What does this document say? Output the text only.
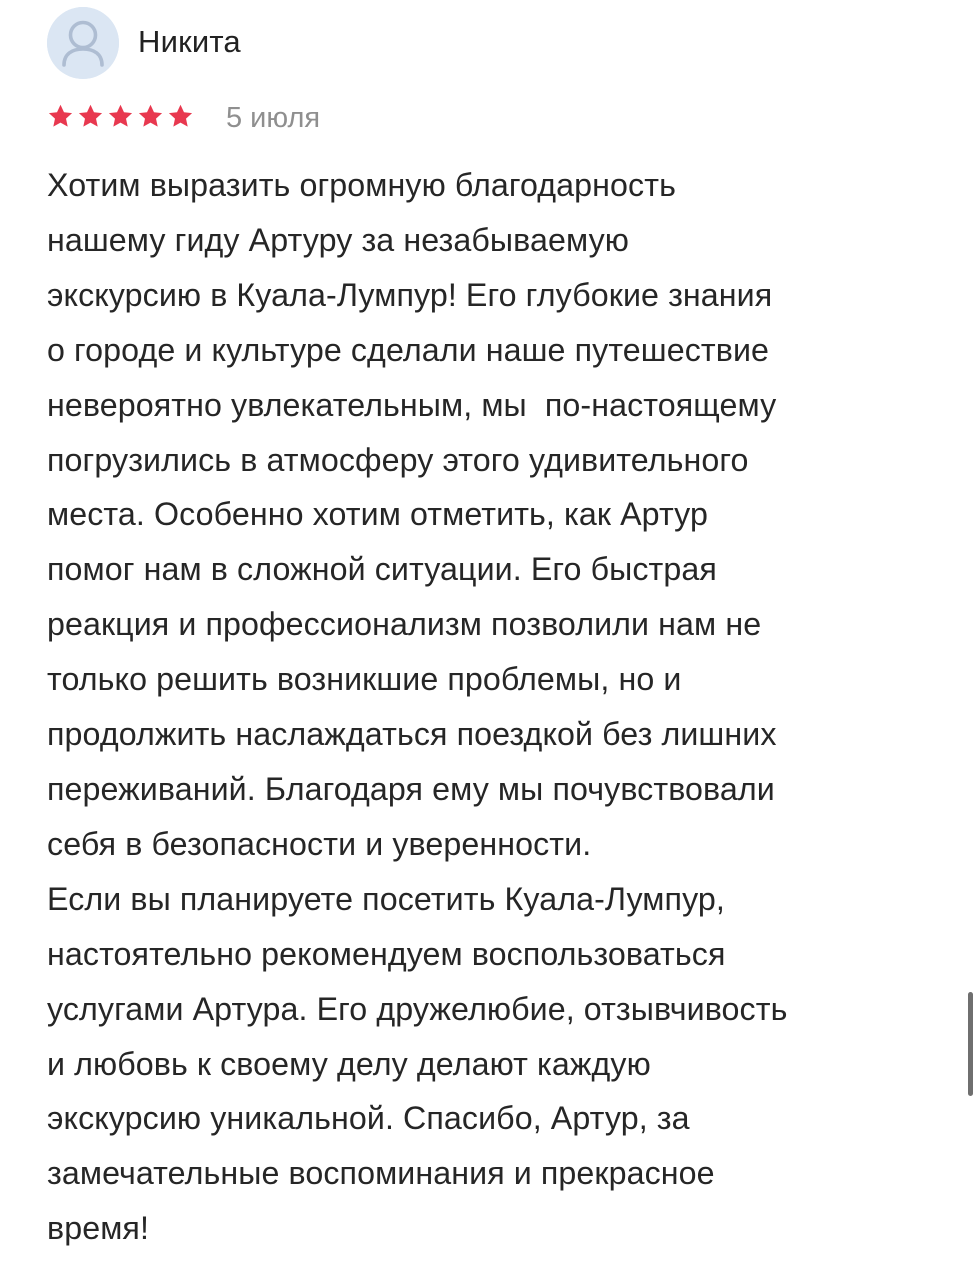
Никита
5 июля
Хотим выразить огромную благодарность
нашему гиду Артуру за незабываемую
экскурсию в Куала-Лумпур! Его глубокие знания
о городе и культуре сделали наше путешествие
невероятно увлекательным, мы  по-настоящему
погрузились в атмосферу этого удивительного
места. Особенно хотим отметить, как Артур
помог нам в сложной ситуации. Его быстрая
реакция и профессионализм позволили нам не
только решить возникшие проблемы, но и
продолжить наслаждаться поездкой без лишних
переживаний. Благодаря ему мы почувствовали
себя в безопасности и уверенности.
Если вы планируете посетить Куала-Лумпур,
настоятельно рекомендуем воспользоваться
услугами Артура. Его дружелюбие, отзывчивость
и любовь к своему делу делают каждую
экскурсию уникальной. Спасибо, Артур, за
замечательные воспоминания и прекрасное
время!
